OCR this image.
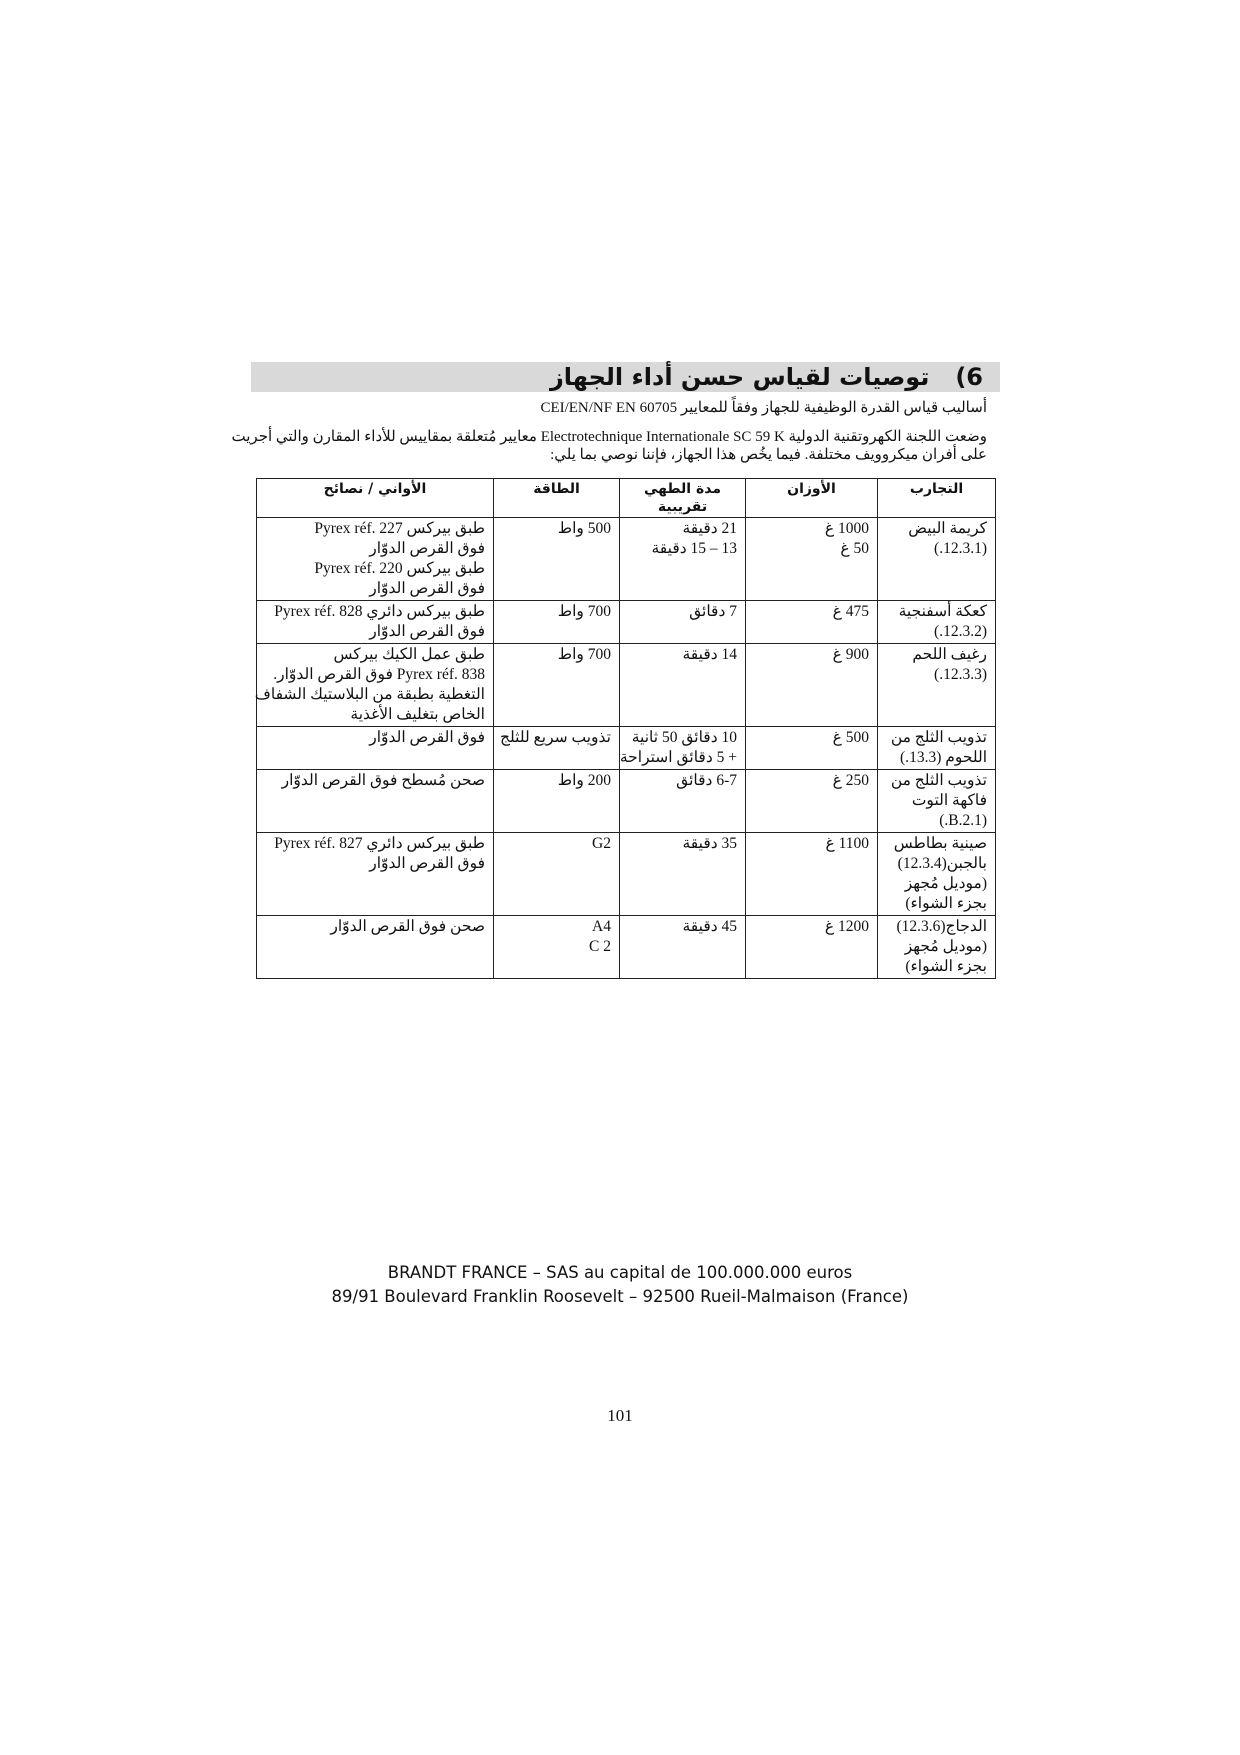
6)توصيات لقياس حسن أداء الجهاز
أساليب قياس القدرة الوظيفية للجهاز وفقاً للمعايير CEI/EN/NF EN 60705
وضعت اللجنة الكهروتقنية الدولية Electrotechnique Internationale SC 59 K معايير مُتعلقة بمقاييس للأداء المقارن والتي أجريت
على أفران ميكروويف مختلفة. فيما يخُص هذا الجهاز، فإننا نوصي بما يلي:
التجارب	الأوزان	مدة الطهي تقريبية	الطاقة	الأواني / نصائح

كريمة البيض
(12.3.1.)	1000 غ
50 غ	21 دقيقة
13 – 15 دقيقة	500 واط	طبق بيركس Pyrex réf. 227
فوق القرص الدوّار
طبق بيركس Pyrex réf. 220
فوق القرص الدوّار

كعكة أسفنجية
(12.3.2.)	475 غ	7 دقائق	700 واط	طبق بيركس دائري Pyrex réf. 828
فوق القرص الدوّار

رغيف اللحم
(12.3.3.)	900 غ	14 دقيقة	700 واط	طبق عمل الكيك بيركس
Pyrex réf. 838 فوق القرص الدوّار.
التغطية بطبقة من البلاستيك الشفاف
الخاص بتغليف الأغذية

تذويب الثلج من
اللحوم (13.3.)	500 غ	10 دقائق 50 ثانية
+ 5 دقائق استراحة	تذويب سريع للثلج	فوق القرص الدوّار

تذويب الثلج من
فاكهة التوت
(B.2.1.)	250 غ	6-7 دقائق	200 واط	صحن مُسطح فوق القرص الدوّار

صينية بطاطس
بالجبن(12.3.4)
(موديل مُجهز
بجزء الشواء)	1100 غ	35 دقيقة	G2	طبق بيركس دائري Pyrex réf. 827
فوق القرص الدوّار

الدجاج(12.3.6)
(موديل مُجهز
بجزء الشواء)	1200 غ	45 دقيقة	A4
C 2	صحن فوق القرص الدوّار
BRANDT FRANCE – SAS au capital de 100.000.000 euros
89/91 Boulevard Franklin Roosevelt – 92500 Rueil-Malmaison (France)
101
